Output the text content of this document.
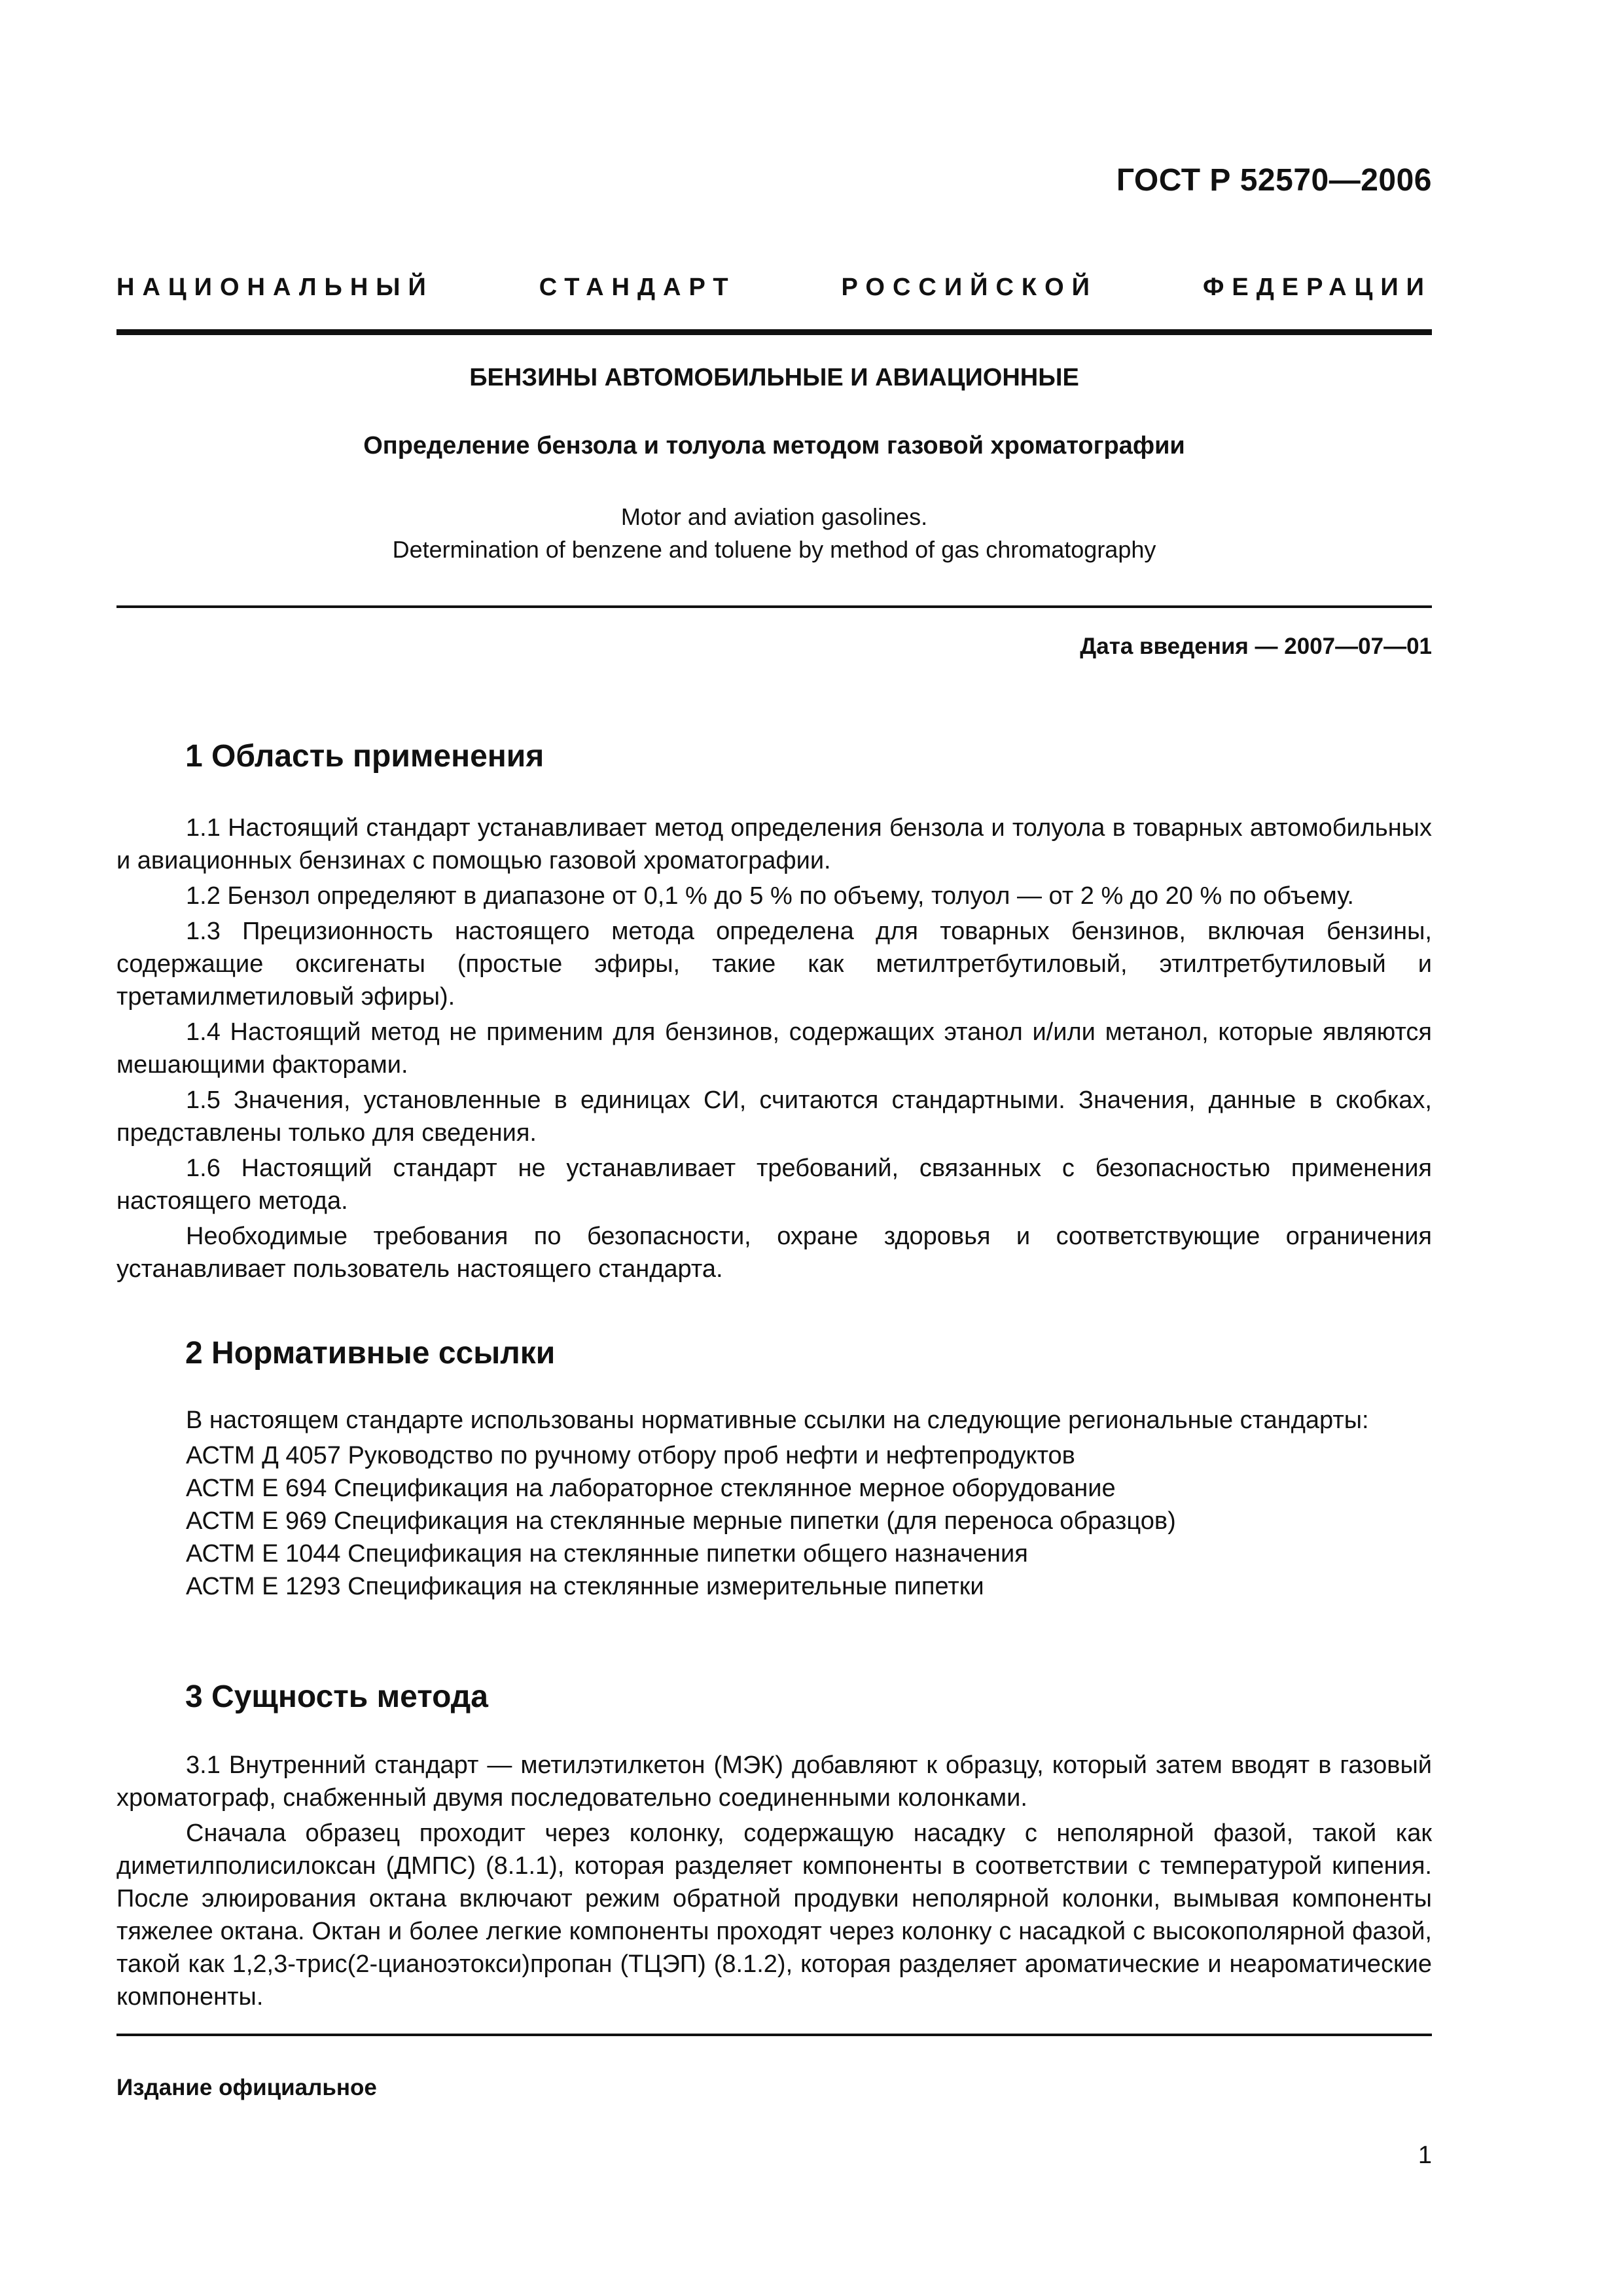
ГОСТ Р 52570—2006
НАЦИОНАЛЬНЫЙ	СТАНДАРТ	РОССИЙСКОЙ	ФЕДЕРАЦИИ
БЕНЗИНЫ АВТОМОБИЛЬНЫЕ И АВИАЦИОННЫЕ
Определение бензола и толуола методом газовой хроматографии
Motor and aviation gasolines.
Determination of benzene and toluene by method of gas chromatography
Дата введения — 2007—07—01
1 Область применения

1.1 Настоящий стандарт устанавливает метод определения бензола и толуола в товарных автомобильных и авиационных бензинах с помощью газовой хроматографии.

1.2 Бензол определяют в диапазоне от 0,1 % до 5 % по объему, толуол — от 2 % до 20 % по объему.

1.3 Прецизионность настоящего метода определена для товарных бензинов, включая бензины, содержащие оксигенаты (простые эфиры, такие как метилтретбутиловый, этилтретбутиловый и третамилметиловый эфиры).

1.4 Настоящий метод не применим для бензинов, содержащих этанол и/или метанол, которые являются мешающими факторами.

1.5 Значения, установленные в единицах СИ, считаются стандартными. Значения, данные в скобках, представлены только для сведения.

1.6 Настоящий стандарт не устанавливает требований, связанных с безопасностью применения настоящего метода.

Необходимые требования по безопасности, охране здоровья и соответствующие ограничения устанавливает пользователь настоящего стандарта.

2 Нормативные ссылки

В настоящем стандарте использованы нормативные ссылки на следующие региональные стандарты:

АСТМ Д 4057 Руководство по ручному отбору проб нефти и нефтепродуктов

АСТМ Е 694 Спецификация на лабораторное стеклянное мерное оборудование

АСТМ Е 969 Спецификация на стеклянные мерные пипетки (для переноса образцов)

АСТМ Е 1044 Спецификация на стеклянные пипетки общего назначения

АСТМ Е 1293 Спецификация на стеклянные измерительные пипетки

3 Сущность метода

3.1 Внутренний стандарт — метилэтилкетон (МЭК) добавляют к образцу, который затем вводят в газовый хроматограф, снабженный двумя последовательно соединенными колонками.

Сначала образец проходит через колонку, содержащую насадку с неполярной фазой, такой как диметилполисилоксан (ДМПС) (8.1.1), которая разделяет компоненты в соответствии с температурой кипения. После элюирования октана включают режим обратной продувки неполярной колонки, вымывая компоненты тяжелее октана. Октан и более легкие компоненты проходят через колонку с насадкой с высокополярной фазой, такой как 1,2,3-трис(2-цианоэтокси)пропан (ТЦЭП) (8.1.2), которая разделяет ароматические и неароматические компоненты.

Издание официальное
1
